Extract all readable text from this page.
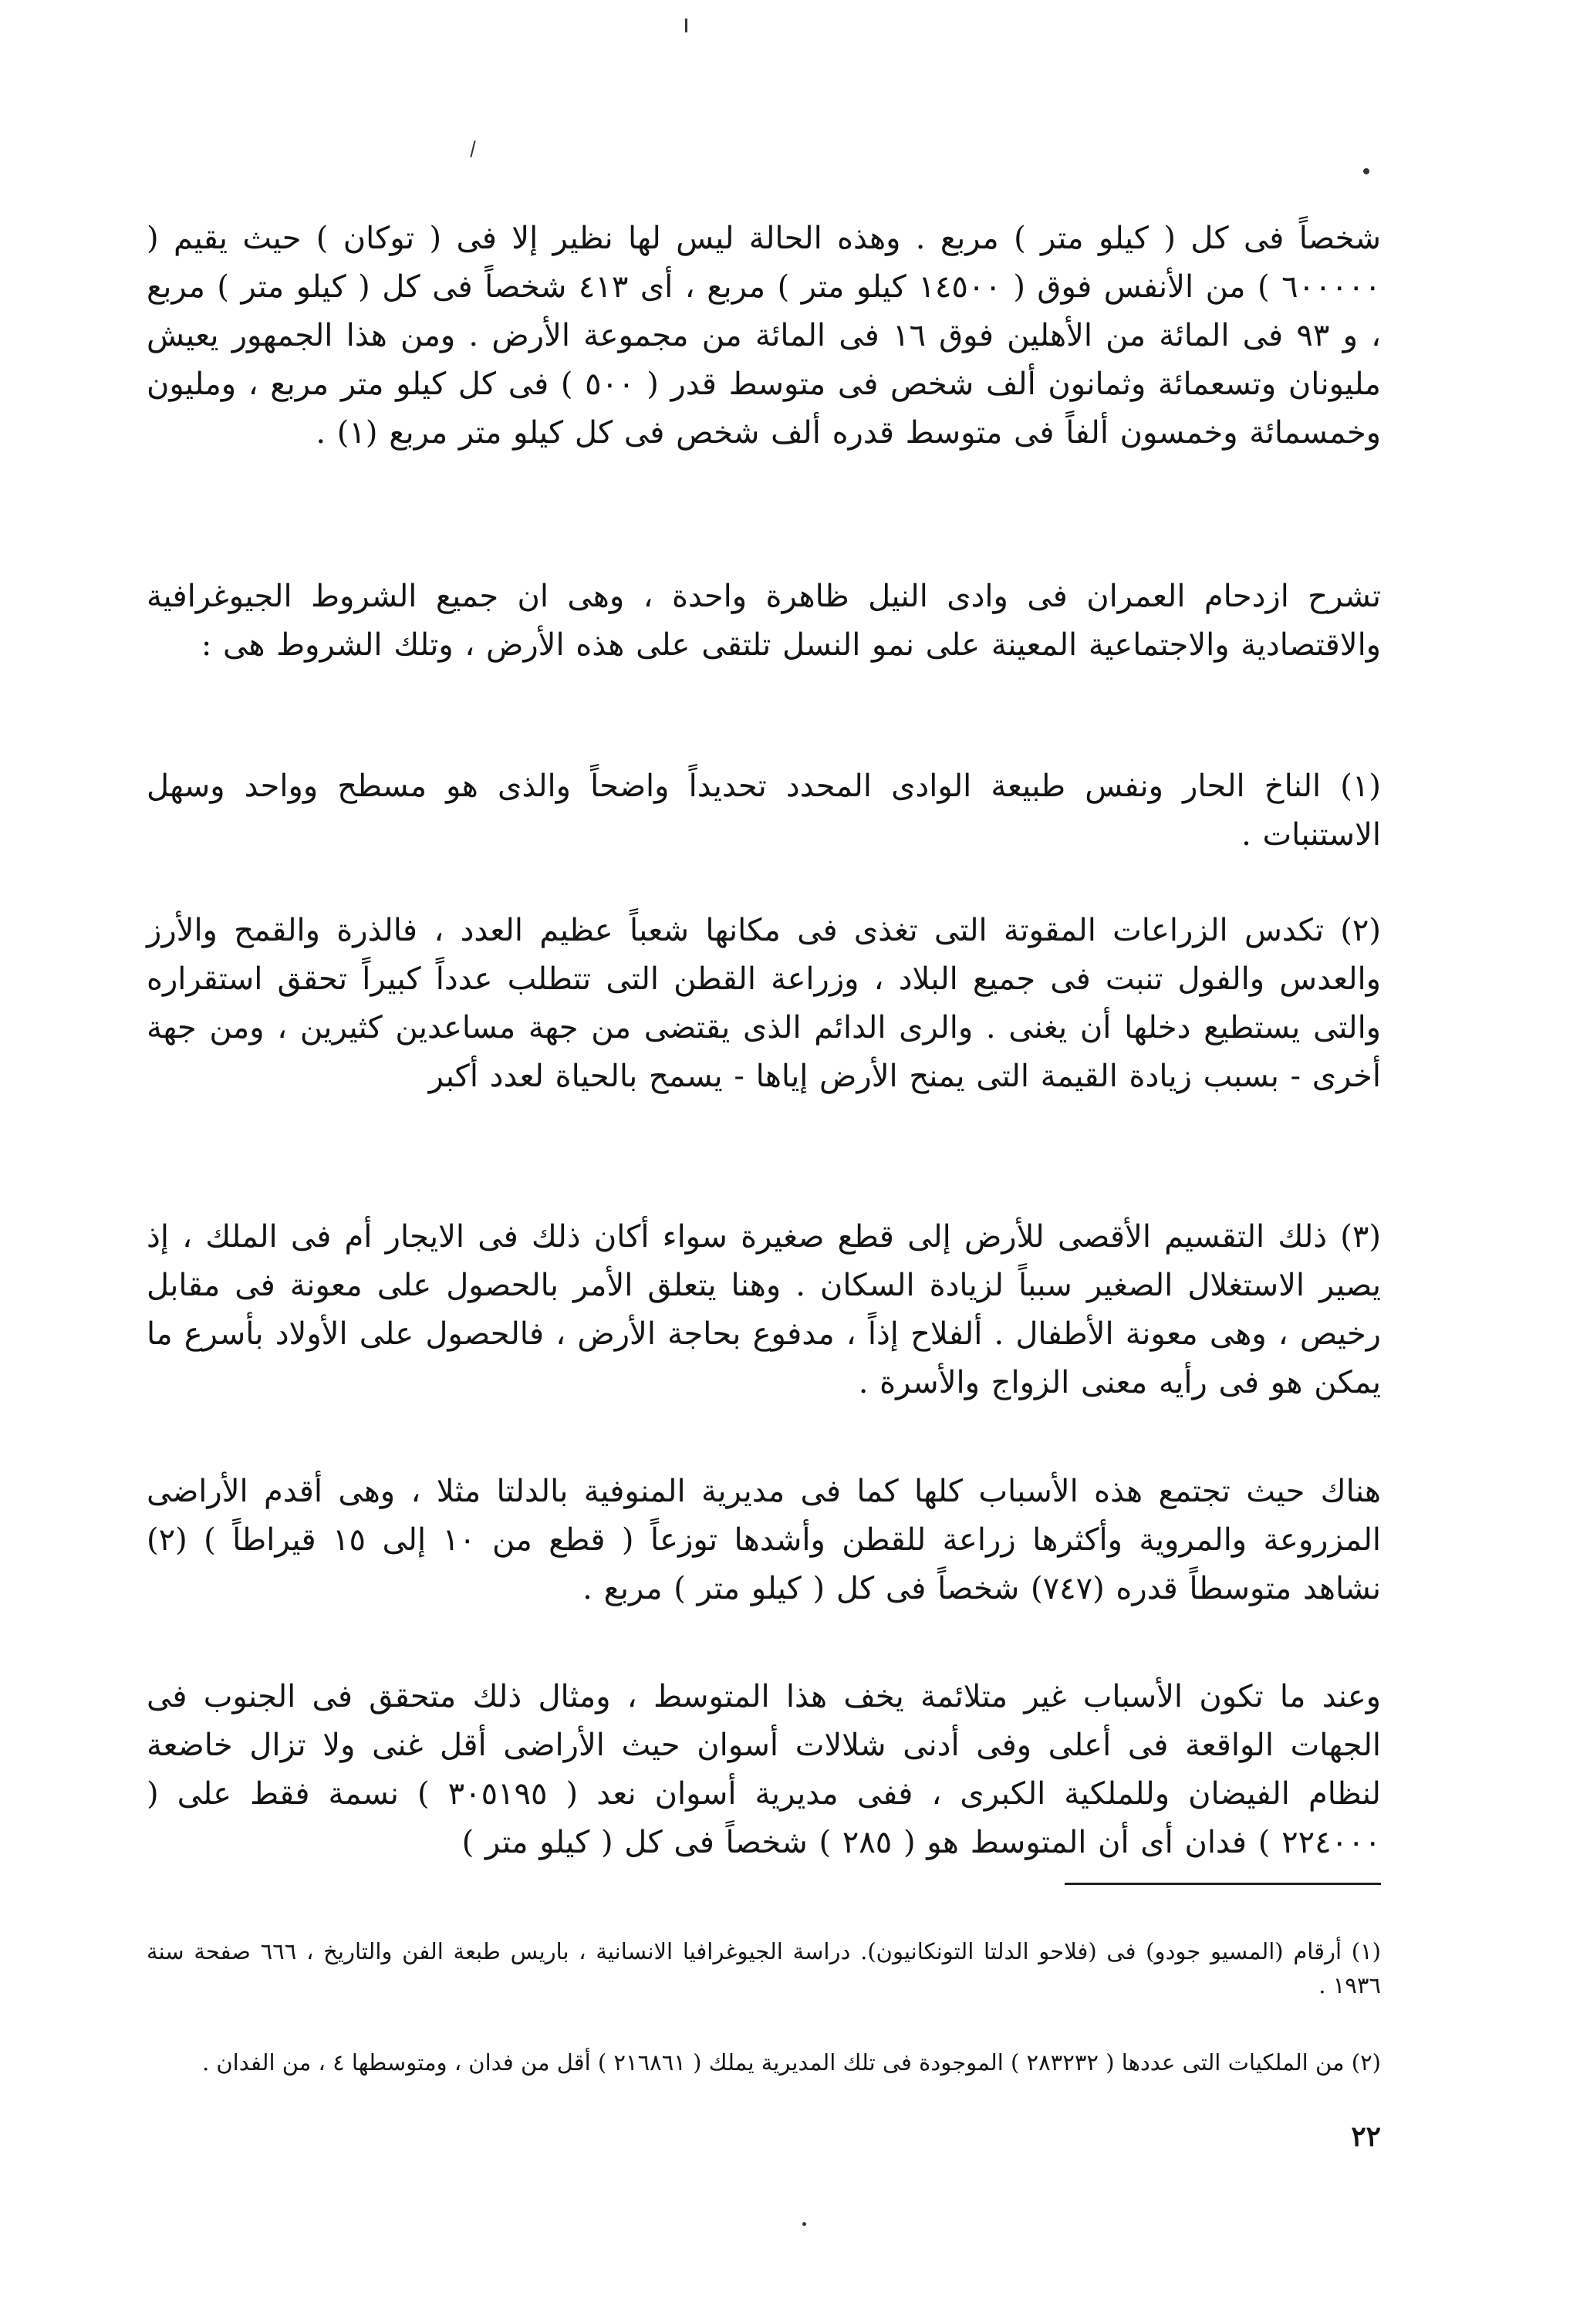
شخصاً فى كل ( كيلو متر ) مربع . وهذه الحالة ليس لها نظير إلا فى ( توكان ) حيث يقيم ( ٦٠٠٠٠٠ ) من الأنفس فوق ( ١٤٥٠٠ كيلو متر ) مربع ، أى ٤١٣ شخصاً فى كل ( كيلو متر ) مربع ، و ٩٣ فى المائة من الأهلين فوق ١٦ فى المائة من مجموعة الأرض . ومن هذا الجمهور يعيش مليونان وتسعمائة وثمانون ألف شخص فى متوسط قدر ( ٥٠٠ ) فى كل كيلو متر مربع ، ومليون وخمسمائة وخمسون ألفاً فى متوسط قدره ألف شخص فى كل كيلو متر مربع (١) .

تشرح ازدحام العمران فى وادى النيل ظاهرة واحدة ، وهى ان جميع الشروط الجيوغرافية والاقتصادية والاجتماعية المعينة على نمو النسل تلتقى على هذه الأرض ، وتلك الشروط هى :

(١) الناخ الحار ونفس طبيعة الوادى المحدد تحديداً واضحاً والذى هو مسطح وواحد وسهل الاستنبات .

(٢) تكدس الزراعات المقوتة التى تغذى فى مكانها شعباً عظيم العدد ، فالذرة والقمح والأرز والعدس والفول تنبت فى جميع البلاد ، وزراعة القطن التى تتطلب عدداً كبيراً تحقق استقراره والتى يستطيع دخلها أن يغنى . والرى الدائم الذى يقتضى من جهة مساعدين كثيرين ، ومن جهة أخرى - بسبب زيادة القيمة التى يمنح الأرض إياها - يسمح بالحياة لعدد أكبر

(٣) ذلك التقسيم الأقصى للأرض إلى قطع صغيرة سواء أكان ذلك فى الايجار أم فى الملك ، إذ يصير الاستغلال الصغير سبباً لزيادة السكان . وهنا يتعلق الأمر بالحصول على معونة فى مقابل رخيص ، وهى معونة الأطفال . ألفلاح إذاً ، مدفوع بحاجة الأرض ، فالحصول على الأولاد بأسرع ما يمكن هو فى رأيه معنى الزواج والأسرة .

هناك حيث تجتمع هذه الأسباب كلها كما فى مديرية المنوفية بالدلتا مثلا ، وهى أقدم الأراضى المزروعة والمروية وأكثرها زراعة للقطن وأشدها توزعاً ( قطع من ١٠ إلى ١٥ قيراطاً ) (٢) نشاهد متوسطاً قدره (٧٤٧) شخصاً فى كل ( كيلو متر ) مربع .

وعند ما تكون الأسباب غير متلائمة يخف هذا المتوسط ، ومثال ذلك متحقق فى الجنوب فى الجهات الواقعة فى أعلى وفى أدنى شلالات أسوان حيث الأراضى أقل غنى ولا تزال خاضعة لنظام الفيضان وللملكية الكبرى ، ففى مديرية أسوان نعد ( ٣٠٥١٩٥ ) نسمة فقط على ( ٢٢٤٠٠٠ ) فدان أى أن المتوسط هو ( ٢٨٥ ) شخصاً فى كل ( كيلو متر )

(١) أرقام (المسيو جودو) فى (فلاحو الدلتا التونكانيون). دراسة الجيوغرافيا الانسانية ، باريس طبعة الفن والتاريخ ، ٦٦٦ صفحة سنة ١٩٣٦ .

(٢) من الملكيات التى عددها ( ٢٨٣٢٣٢ ) الموجودة فى تلك المديرية يملك ( ٢١٦٨٦١ ) أقل من فدان ، ومتوسطها ٤ ، من الفدان .

٢٢
